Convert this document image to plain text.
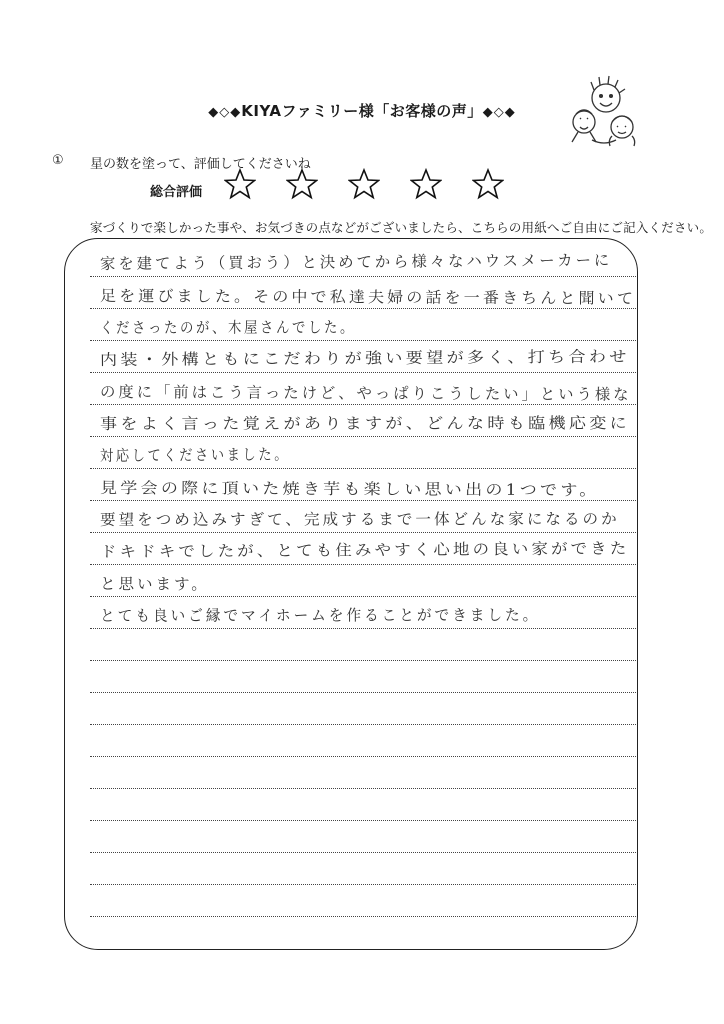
◆◇◆KIYAファミリー様「お客様の声」◆◇◆
① 星の数を塗って、評価してくださいね
総合評価
家づくりで楽しかった事や、お気づきの点などがございましたら、こちらの用紙へご自由にご記入ください。
家を建てよう（買おう）と決めてから様々なハウスメーカーに
足を運びました。その中で私達夫婦の話を一番きちんと聞いて
くださったのが、木屋さんでした。
内装・外構ともにこだわりが強い要望が多く、打ち合わせ
の度に「前はこう言ったけど、やっぱりこうしたい」という様な
事をよく言った覚えがありますが、どんな時も臨機応変に
対応してくださいました。
見学会の際に頂いた焼き芋も楽しい思い出の1つです。
要望をつめ込みすぎて、完成するまで一体どんな家になるのか
ドキドキでしたが、とても住みやすく心地の良い家ができた
と思います。
とても良いご縁でマイホームを作ることができました。
